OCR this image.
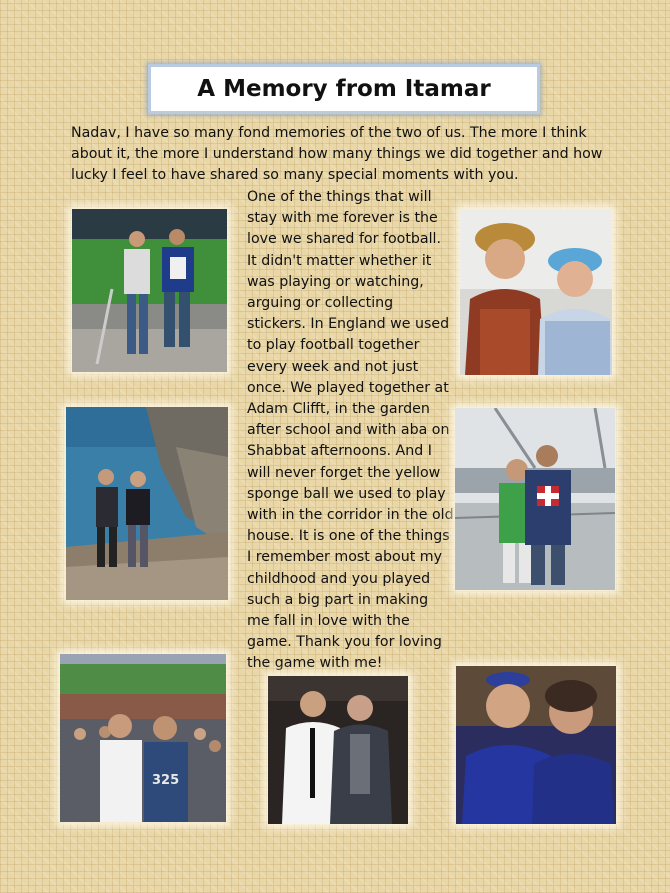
A Memory from Itamar

Nadav, I have so many fond memories of the two of us. The more I think about it, the more I understand how many things we did together and how lucky I feel to have shared so many special moments with you.

One of the things that will stay with me forever is the love we shared for football. It didn't matter whether it was playing or watching, arguing or collecting stickers. In England we used to play football together every week and not just once. We played together at Adam Clifft, in the garden after school and with aba on Shabbat afternoons. And I will never forget the yellow sponge ball we used to play with in the corridor in the old house. It is one of the things I remember most about my childhood and you played such a big part in making me fall in love with the game. Thank you for loving the game with me!

325
